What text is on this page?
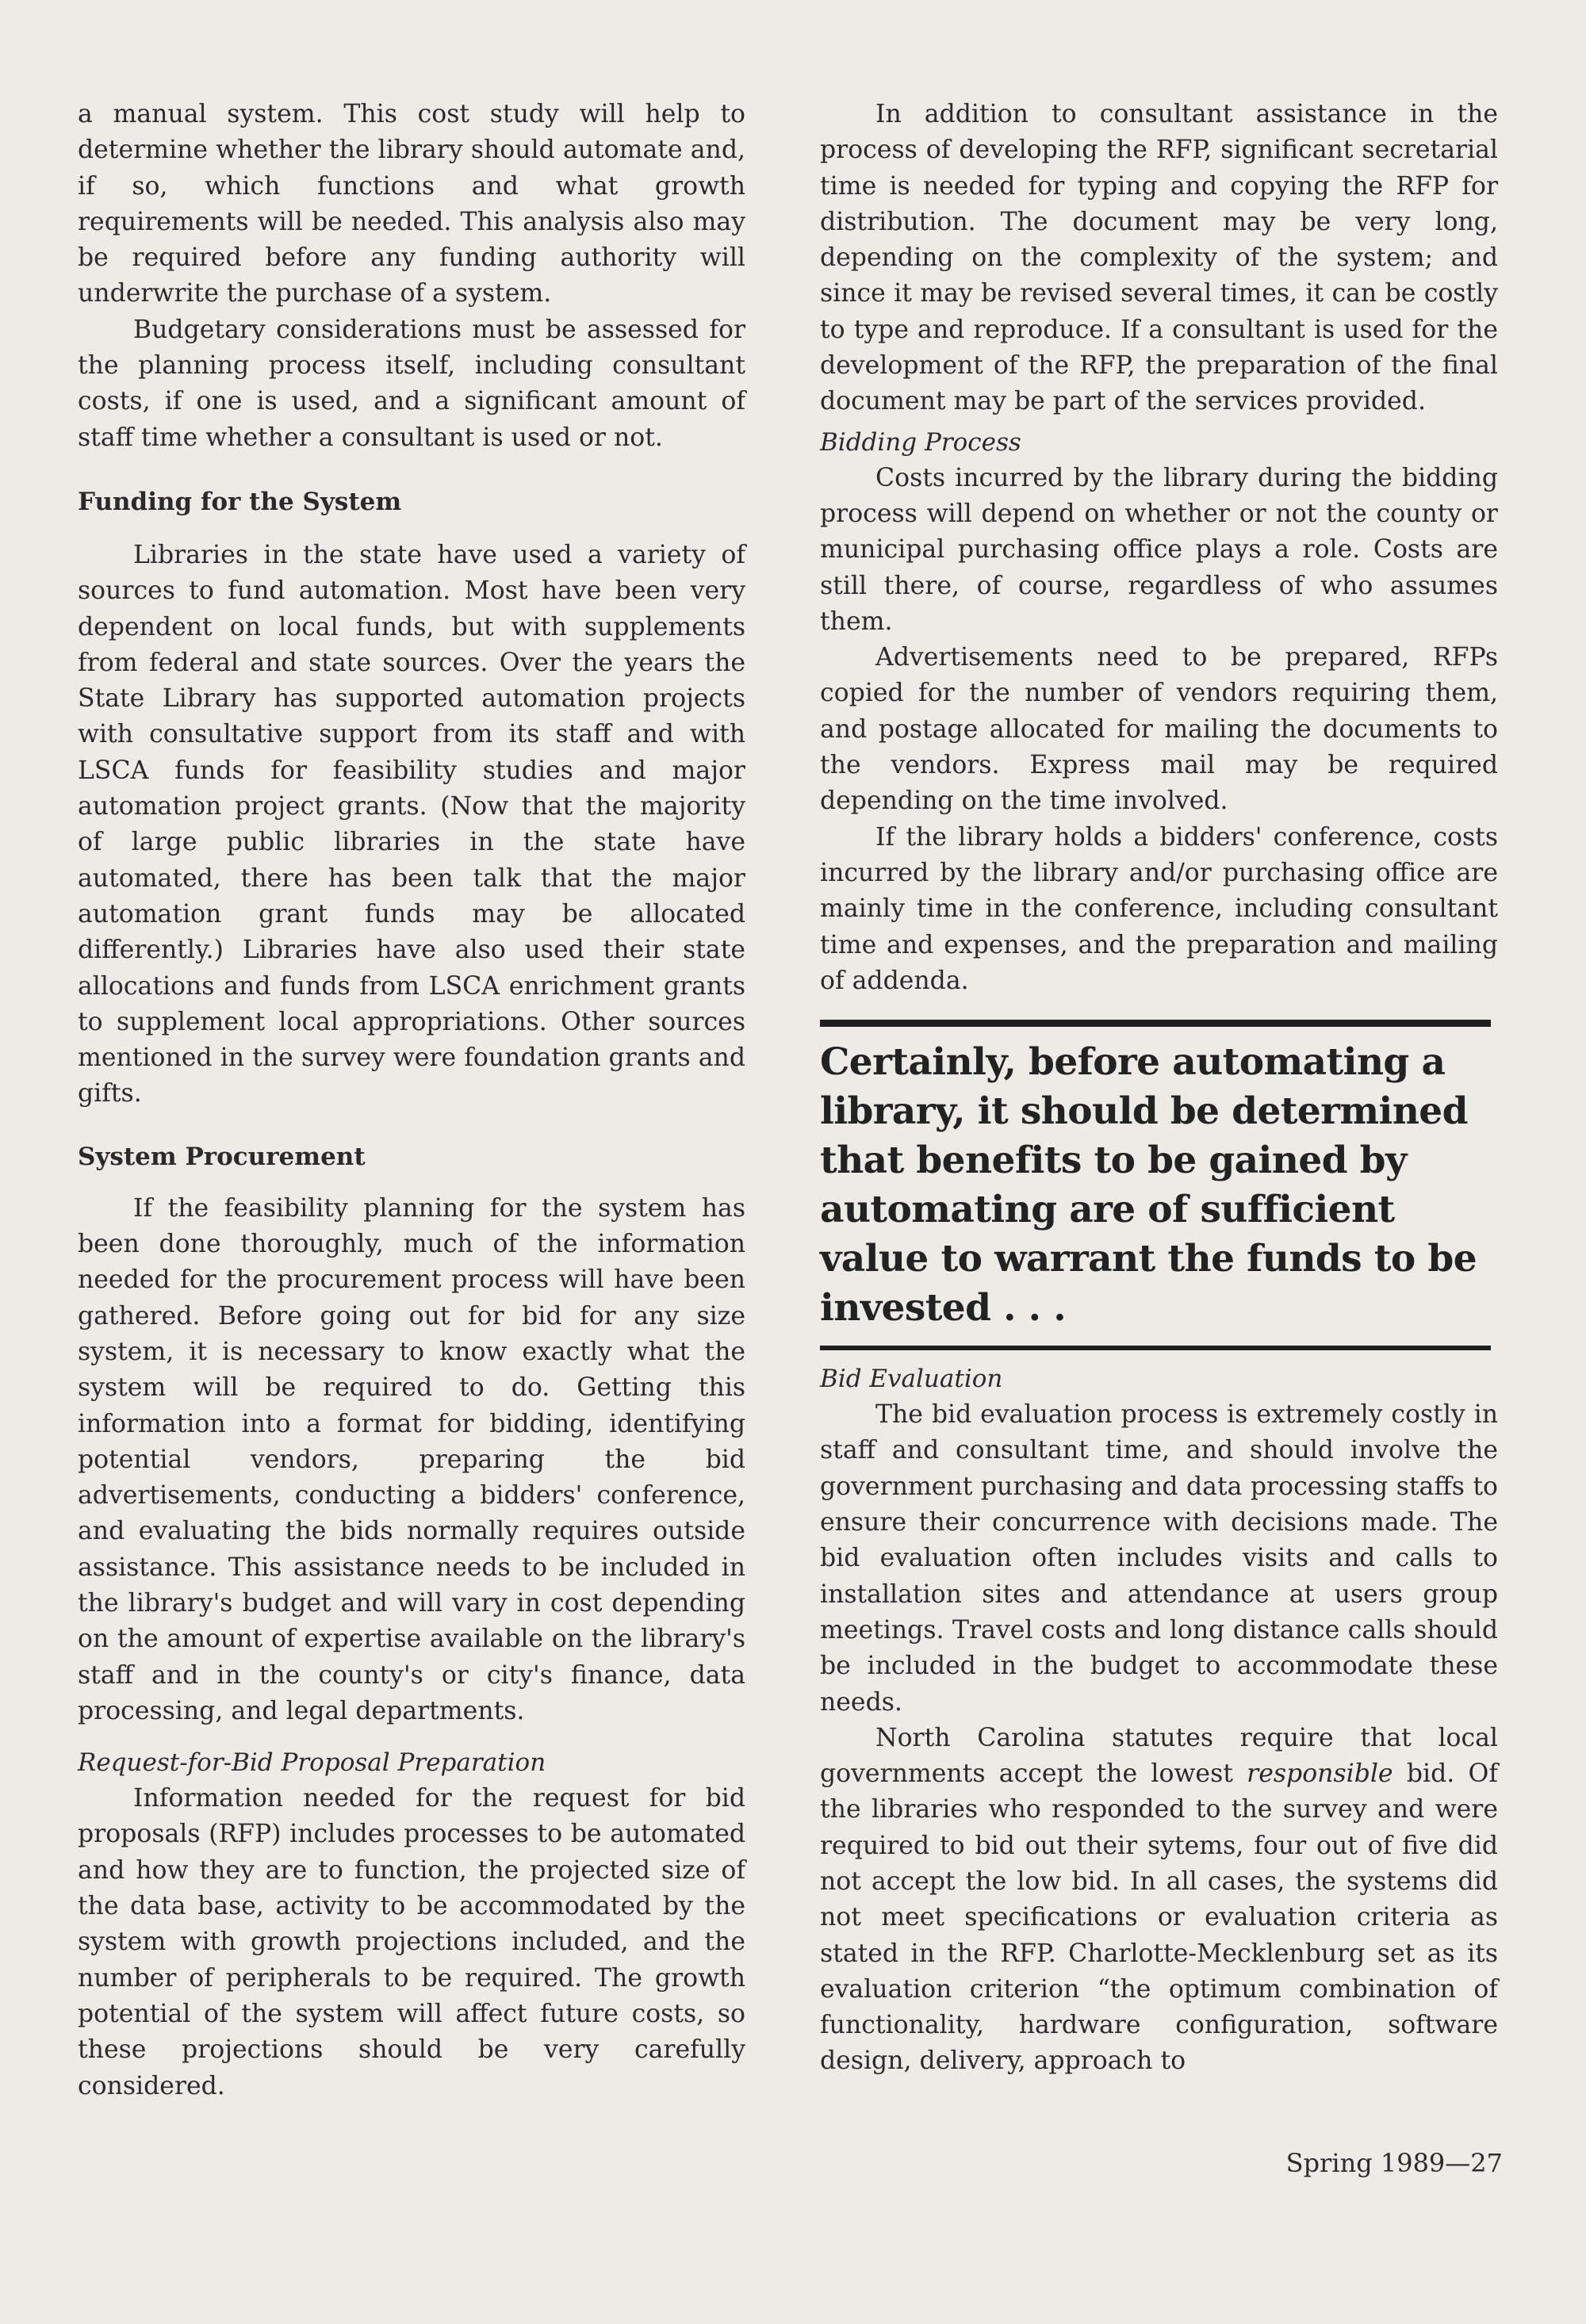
a manual system. This cost study will help to determine whether the library should automate and, if so, which functions and what growth requirements will be needed. This analysis also may be required before any funding authority will underwrite the purchase of a system.

Budgetary considerations must be assessed for the planning process itself, including consultant costs, if one is used, and a significant amount of staff time whether a consultant is used or not.

Funding for the System

Libraries in the state have used a variety of sources to fund automation. Most have been very dependent on local funds, but with supplements from federal and state sources. Over the years the State Library has supported automation projects with consultative support from its staff and with LSCA funds for feasibility studies and major automation project grants. (Now that the majority of large public libraries in the state have automated, there has been talk that the major automation grant funds may be allocated differently.) Libraries have also used their state allocations and funds from LSCA enrichment grants to supplement local appropriations. Other sources mentioned in the survey were foundation grants and gifts.

System Procurement

If the feasibility planning for the system has been done thoroughly, much of the information needed for the procurement process will have been gathered. Before going out for bid for any size system, it is necessary to know exactly what the system will be required to do. Getting this information into a format for bidding, identifying potential vendors, preparing the bid advertisements, conducting a bidders' conference, and evaluating the bids normally requires outside assistance. This assistance needs to be included in the library's budget and will vary in cost depending on the amount of expertise available on the library's staff and in the county's or city's finance, data processing, and legal departments.

Request-for-Bid Proposal Preparation

Information needed for the request for bid proposals (RFP) includes processes to be automated and how they are to function, the projected size of the data base, activity to be accommodated by the system with growth projections included, and the number of peripherals to be required. The growth potential of the system will affect future costs, so these projections should be very carefully considered.

In addition to consultant assistance in the process of developing the RFP, significant secretarial time is needed for typing and copying the RFP for distribution. The document may be very long, depending on the complexity of the system; and since it may be revised several times, it can be costly to type and reproduce. If a consultant is used for the development of the RFP, the preparation of the final document may be part of the services provided.

Bidding Process

Costs incurred by the library during the bidding process will depend on whether or not the county or municipal purchasing office plays a role. Costs are still there, of course, regardless of who assumes them.

Advertisements need to be prepared, RFPs copied for the number of vendors requiring them, and postage allocated for mailing the documents to the vendors. Express mail may be required depending on the time involved.

If the library holds a bidders' conference, costs incurred by the library and/or purchasing office are mainly time in the conference, including consultant time and expenses, and the preparation and mailing of addenda.

Certainly, before automating a library, it should be determined that benefits to be gained by automating are of sufficient value to warrant the funds to be invested . . .
Bid Evaluation

The bid evaluation process is extremely costly in staff and consultant time, and should involve the government purchasing and data processing staffs to ensure their concurrence with decisions made. The bid evaluation often includes visits and calls to installation sites and attendance at users group meetings. Travel costs and long distance calls should be included in the budget to accommodate these needs.

North Carolina statutes require that local governments accept the lowest responsible bid. Of the libraries who responded to the survey and were required to bid out their sytems, four out of five did not accept the low bid. In all cases, the systems did not meet specifications or evaluation criteria as stated in the RFP. Charlotte-Mecklenburg set as its evaluation criterion “the optimum combination of functionality, hardware configuration, software design, delivery, approach to

Spring 1989—27
